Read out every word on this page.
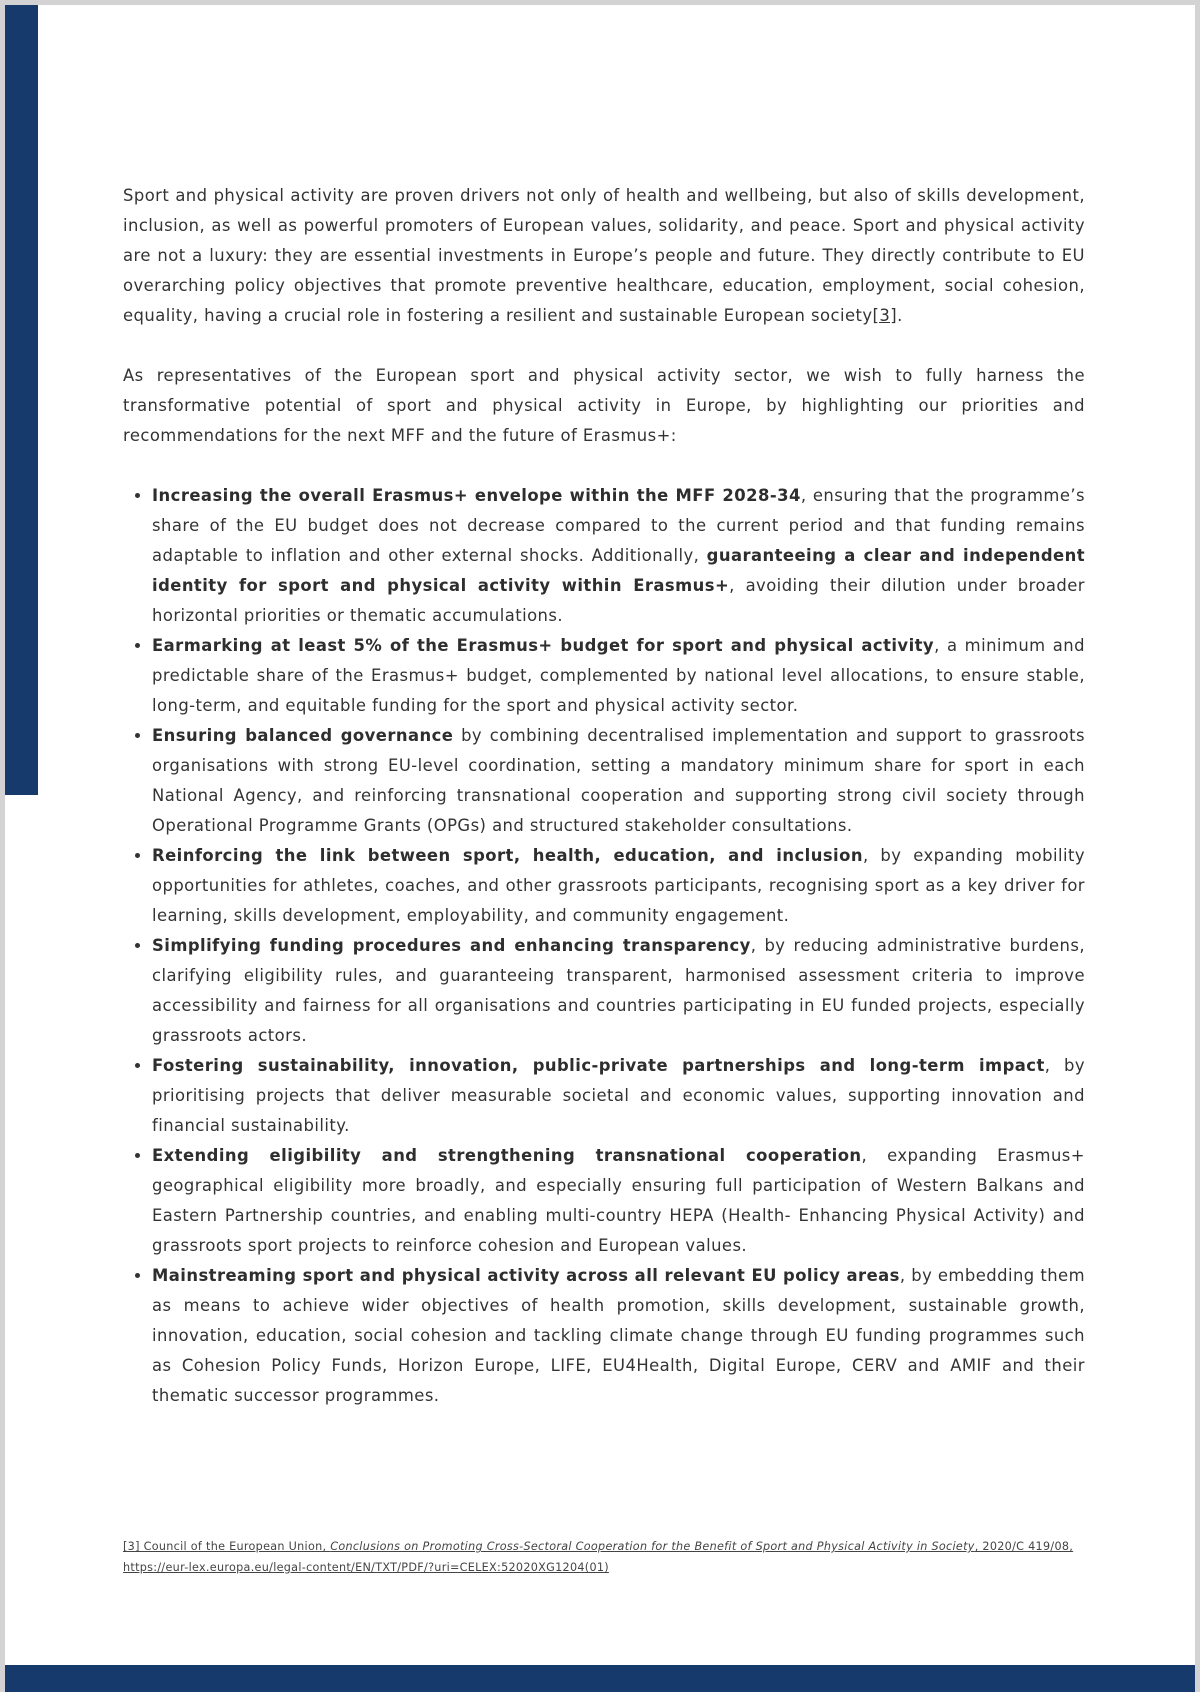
Sport and physical activity are proven drivers not only of health and wellbeing, but also of skills development, inclusion, as well as powerful promoters of European values, solidarity, and peace. Sport and physical activity are not a luxury: they are essential investments in Europe’s people and future. They directly contribute to EU overarching policy objectives that promote preventive healthcare, education, employment, social cohesion, equality, having a crucial role in fostering a resilient and sustainable European society[3].

As representatives of the European sport and physical activity sector, we wish to fully harness the transformative potential of sport and physical activity in Europe, by highlighting our priorities and recommendations for the next MFF and the future of Erasmus+:

• Increasing the overall Erasmus+ envelope within the MFF 2028-34, ensuring that the programme’s share of the EU budget does not decrease compared to the current period and that funding remains adaptable to inflation and other external shocks. Additionally, guaranteeing a clear and independent identity for sport and physical activity within Erasmus+, avoiding their dilution under broader horizontal priorities or thematic accumulations.
• Earmarking at least 5% of the Erasmus+ budget for sport and physical activity, a minimum and predictable share of the Erasmus+ budget, complemented by national level allocations, to ensure stable, long-term, and equitable funding for the sport and physical activity sector.
• Ensuring balanced governance by combining decentralised implementation and support to grassroots organisations with strong EU-level coordination, setting a mandatory minimum share for sport in each National Agency, and reinforcing transnational cooperation and supporting strong civil society through Operational Programme Grants (OPGs) and structured stakeholder consultations.
• Reinforcing the link between sport, health, education, and inclusion, by expanding mobility opportunities for athletes, coaches, and other grassroots participants, recognising sport as a key driver for learning, skills development, employability, and community engagement.
• Simplifying funding procedures and enhancing transparency, by reducing administrative burdens, clarifying eligibility rules, and guaranteeing transparent, harmonised assessment criteria to improve accessibility and fairness for all organisations and countries participating in EU funded projects, especially grassroots actors.
• Fostering sustainability, innovation, public-private partnerships and long-term impact, by prioritising projects that deliver measurable societal and economic values, supporting innovation and financial sustainability.
• Extending eligibility and strengthening transnational cooperation, expanding Erasmus+ geographical eligibility more broadly, and especially ensuring full participation of Western Balkans and Eastern Partnership countries, and enabling multi-country HEPA (Health- Enhancing Physical Activity) and grassroots sport projects to reinforce cohesion and European values.
• Mainstreaming sport and physical activity across all relevant EU policy areas, by embedding them as means to achieve wider objectives of health promotion, skills development, sustainable growth, innovation, education, social cohesion and tackling climate change through EU funding programmes such as Cohesion Policy Funds, Horizon Europe, LIFE, EU4Health, Digital Europe, CERV and AMIF and their thematic successor programmes.
[3] Council of the European Union, Conclusions on Promoting Cross-Sectoral Cooperation for the Benefit of Sport and Physical Activity in Society, 2020/C 419/08, https://eur-lex.europa.eu/legal-content/EN/TXT/PDF/?uri=CELEX:52020XG1204(01)
